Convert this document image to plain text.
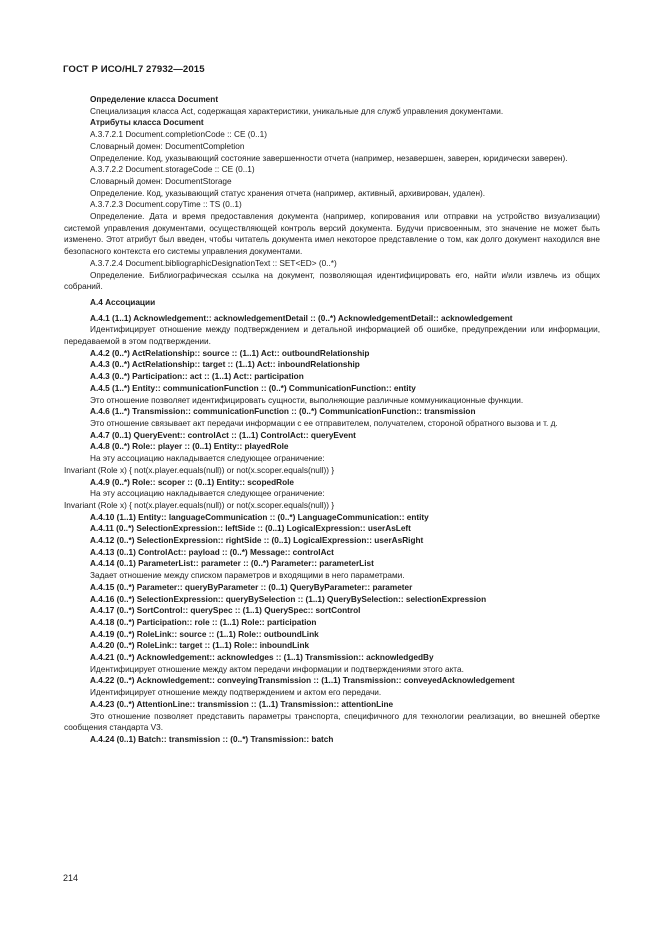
ГОСТ Р ИСО/HL7 27932—2015

Определение класса Document

Специализация класса Act, содержащая характеристики, уникальные для служб управления документами.

Атрибуты класса Document

A.3.7.2.1 Document.completionCode :: CE (0..1)

Словарный домен: DocumentCompletion

Определение. Код, указывающий состояние завершенности отчета (например, незавершен, заверен, юридически заверен).

A.3.7.2.2 Document.storageCode :: CE (0..1)

Словарный домен: DocumentStorage

Определение. Код, указывающий статус хранения отчета (например, активный, архивирован, удален).

A.3.7.2.3 Document.copyTime :: TS (0..1)

Определение. Дата и время предоставления документа (например, копирования или отправки на устройство визуализации) системой управления документами, осуществляющей контроль версий документа. Будучи присвоенным, это значение не может быть изменено. Этот атрибут был введен, чтобы читатель документа имел некоторое представление о том, как долго документ находился вне безопасного контекста его системы управления документами.

A.3.7.2.4 Document.bibliographicDesignationText :: SET<ED> (0..*)

Определение. Библиографическая ссылка на документ, позволяющая идентифицировать его, найти и/или извлечь из общих собраний.

A.4 Ассоциации

A.4.1 (1..1) Acknowledgement:: acknowledgementDetail :: (0..*) AcknowledgementDetail:: acknowledgement

Идентифицирует отношение между подтверждением и детальной информацией об ошибке, предупреждении или информации, передаваемой в этом подтверждении.

A.4.2 (0..*) ActRelationship:: source :: (1..1) Act:: outboundRelationship

A.4.3 (0..*) ActRelationship:: target :: (1..1) Act:: inboundRelationship

A.4.3 (0..*) Participation:: act :: (1..1) Act:: participation

A.4.5 (1..*) Entity:: communicationFunction :: (0..*) CommunicationFunction:: entity

Это отношение позволяет идентифицировать сущности, выполняющие различные коммуникационные функции.

A.4.6 (1..*) Transmission:: communicationFunction :: (0..*) CommunicationFunction:: transmission

Это отношение связывает акт передачи информации с ее отправителем, получателем, стороной обратного вызова и т. д.

A.4.7 (0..1) QueryEvent:: controlAct :: (1..1) ControlAct:: queryEvent

A.4.8 (0..*) Role:: player :: (0..1) Entity:: playedRole

На эту ассоциацию накладывается следующее ограничение:

Invariant (Role x) { not(x.player.equals(null)) or not(x.scoper.equals(null)) }

A.4.9 (0..*) Role:: scoper :: (0..1) Entity:: scopedRole

На эту ассоциацию накладывается следующее ограничение:

Invariant (Role x) { not(x.player.equals(null)) or not(x.scoper.equals(null)) }

A.4.10 (1..1) Entity:: languageCommunication :: (0..*) LanguageCommunication:: entity

A.4.11 (0..*) SelectionExpression:: leftSide :: (0..1) LogicalExpression:: userAsLeft

A.4.12 (0..*) SelectionExpression:: rightSide :: (0..1) LogicalExpression:: userAsRight

A.4.13 (0..1) ControlAct:: payload :: (0..*) Message:: controlAct

A.4.14 (0..1) ParameterList:: parameter :: (0..*) Parameter:: parameterList

Задает отношение между списком параметров и входящими в него параметрами.

A.4.15 (0..*) Parameter:: queryByParameter :: (0..1) QueryByParameter:: parameter

A.4.16 (0..*) SelectionExpression:: queryBySelection :: (1..1) QueryBySelection:: selectionExpression

A.4.17 (0..*) SortControl:: querySpec :: (1..1) QuerySpec:: sortControl

A.4.18 (0..*) Participation:: role :: (1..1) Role:: participation

A.4.19 (0..*) RoleLink:: source :: (1..1) Role:: outboundLink

A.4.20 (0..*) RoleLink:: target :: (1..1) Role:: inboundLink

A.4.21 (0..*) Acknowledgement:: acknowledges :: (1..1) Transmission:: acknowledgedBy

Идентифицирует отношение между актом передачи информации и подтверждениями этого акта.

A.4.22 (0..*) Acknowledgement:: conveyingTransmission :: (1..1) Transmission:: conveyedAcknowledgement

Идентифицирует отношение между подтверждением и актом его передачи.

A.4.23 (0..*) AttentionLine:: transmission :: (1..1) Transmission:: attentionLine

Это отношение позволяет представить параметры транспорта, специфичного для технологии реализации, во внешней обертке сообщения стандарта V3.

A.4.24 (0..1) Batch:: transmission :: (0..*) Transmission:: batch

214
